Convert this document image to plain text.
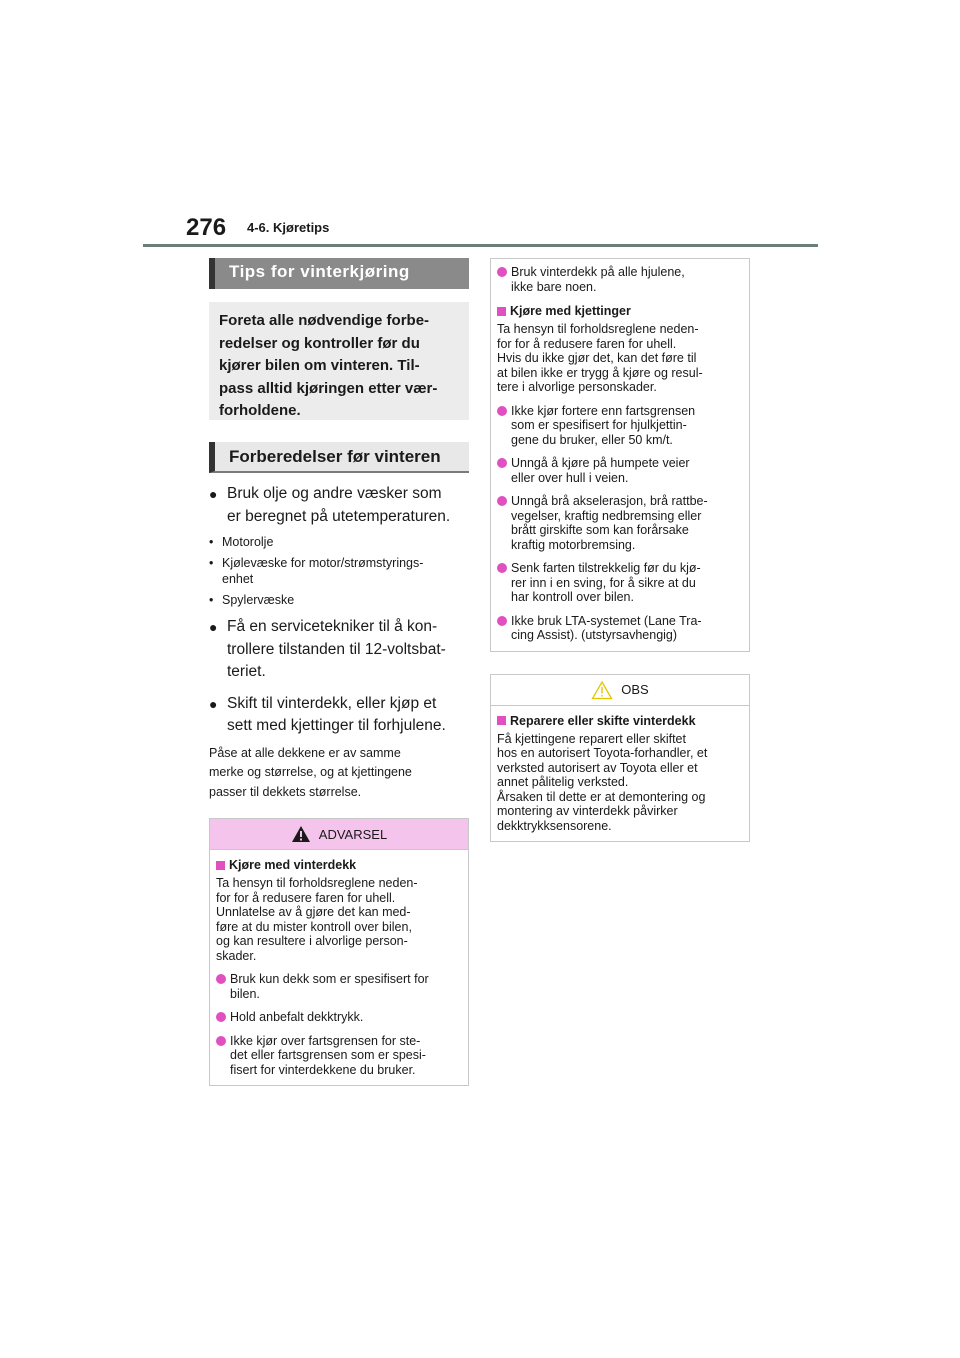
276 4-6. Kjøretips
Tips for vinterkjøring
Foreta alle nødvendige forbe-
redelser og kontroller før du
kjører bilen om vinteren. Til-
pass alltid kjøringen etter vær-
forholdene.
Forberedelser før vinteren
● Bruk olje og andre væsker som
er beregnet på utetemperaturen.
• Motorolje
• Kjølevæske for motor/strømstyrings-
enhet
• Spylervæske
● Få en servicetekniker til å kon-
trollere tilstanden til 12-voltsbat-
teriet.
● Skift til vinterdekk, eller kjøp et
sett med kjettinger til forhjulene.
Påse at alle dekkene er av samme
merke og størrelse, og at kjettingene
passer til dekkets størrelse.
ADVARSEL
Kjøre med vinterdekk
Ta hensyn til forholdsreglene neden-
for for å redusere faren for uhell.
Unnlatelse av å gjøre det kan med-
føre at du mister kontroll over bilen,
og kan resultere i alvorlige person-
skader.
Bruk kun dekk som er spesifisert for
bilen.
Hold anbefalt dekktrykk.
Ikke kjør over fartsgrensen for ste-
det eller fartsgrensen som er spesi-
fisert for vinterdekkene du bruker.
Bruk vinterdekk på alle hjulene,
ikke bare noen.
Kjøre med kjettinger
Ta hensyn til forholdsreglene neden-
for for å redusere faren for uhell.
Hvis du ikke gjør det, kan det føre til
at bilen ikke er trygg å kjøre og resul-
tere i alvorlige personskader.
Ikke kjør fortere enn fartsgrensen
som er spesifisert for hjulkjettin-
gene du bruker, eller 50 km/t.
Unngå å kjøre på humpete veier
eller over hull i veien.
Unngå brå akselerasjon, brå rattbe-
vegelser, kraftig nedbremsing eller
brått girskifte som kan forårsake
kraftig motorbremsing.
Senk farten tilstrekkelig før du kjø-
rer inn i en sving, for å sikre at du
har kontroll over bilen.
Ikke bruk LTA-systemet (Lane Tra-
cing Assist). (utstyrsavhengig)
OBS
Reparere eller skifte vinterdekk
Få kjettingene reparert eller skiftet
hos en autorisert Toyota-forhandler, et
verksted autorisert av Toyota eller et
annet pålitelig verksted.
Årsaken til dette er at demontering og
montering av vinterdekk påvirker
dekktrykksensorene.
